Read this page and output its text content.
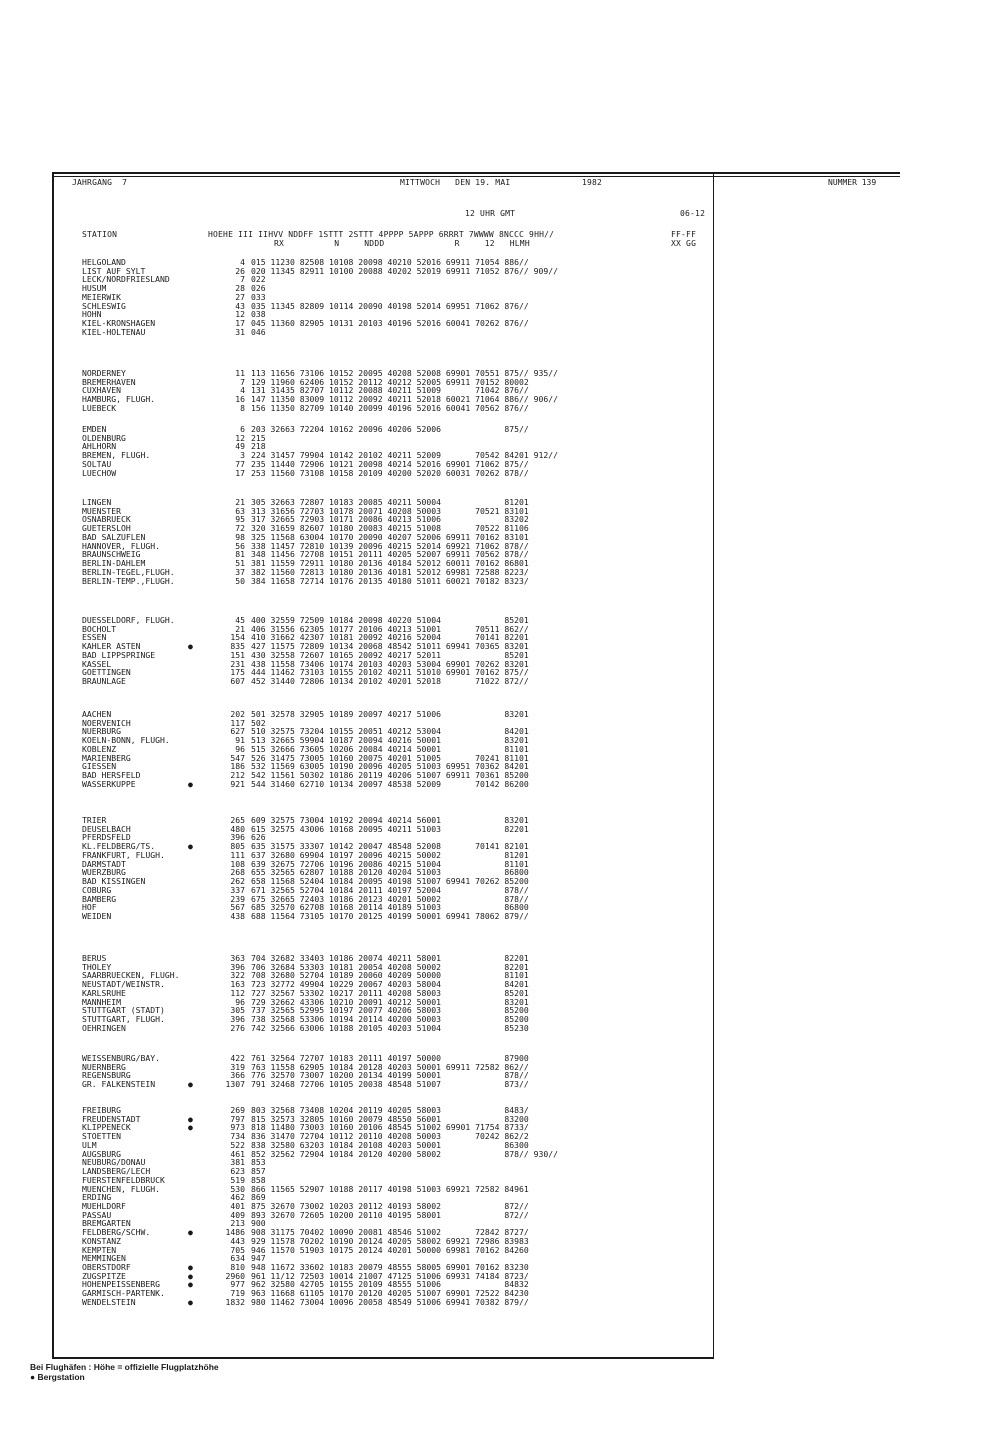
JAHRGANG  7	MITTWOCH   DEN 19. MAI	1982	NUMMER 139
12 UHR GMT	06-12
STATION	HOEHE III IIHVV NDDFF 1STTT 2STTT 4PPPP 5APPP 6RRRT 7WWWW 8NCCC 9HH//
RX          N     NDDD              R     12   HLMH
FF-FF
XX GG
HELGOLAND	4 015 11230 82508 10108 20098 40210 52016 69911 71054 886//
LIST AUF SYLT	26 020 11345 82911 10100 20088 40202 52019 69911 71052 876// 909//
LECK/NORDFRIESLAND	7 022
HUSUM	28 026
MEIERWIK	27 033
SCHLESWIG	43 035 11345 82809 10114 20090 40198 52014 69951 71062 876//
HOHN	12 038
KIEL-KRONSHAGEN	17 045 11360 82905 10131 20103 40196 52016 60041 70262 876//
KIEL-HOLTENAU	31 046
NORDERNEY	11 113 11656 73106 10152 20095 40208 52008 69901 70551 875// 935//
BREMERHAVEN	7 129 11960 62406 10152 20112 40212 52005 69911 70152 80002
CUXHAVEN	4 131 31435 82707 10112 20088 40211 51009       71042 876//
HAMBURG, FLUGH.	16 147 11350 83009 10112 20092 40211 52018 60021 71064 886// 906//
LUEBECK	8 156 11350 82709 10140 20099 40196 52016 60041 70562 876//
EMDEN	6 203 32663 72204 10162 20096 40206 52006             875//
OLDENBURG	12 215
AHLHORN	49 218
BREMEN, FLUGH.	3 224 31457 79904 10142 20102 40211 52009       70542 84201 912//
SOLTAU	77 235 11440 72906 10121 20098 40214 52016 69901 71062 875//
LUECHOW	17 253 11560 73108 10158 20109 40200 52020 60031 70262 878//
LINGEN	21 305 32663 72807 10183 20085 40211 50004             81201
MUENSTER	63 313 31656 72703 10178 20071 40208 50003       70521 83101
OSNABRUECK	95 317 32665 72903 10171 20086 40213 51006             83202
GUETERSLOH	72 320 31659 82607 10180 20083 40215 51008       70522 81106
BAD SALZUFLEN	98 325 11568 63004 10170 20090 40207 52006 69911 70162 83101
HANNOVER, FLUGH.	56 338 11457 72810 10139 20096 40215 52014 69921 71062 878//
BRAUNSCHWEIG	81 348 11456 72708 10151 20111 40205 52007 69911 70562 878//
BERLIN-DAHLEM	51 381 11559 72911 10180 20136 40184 52012 60011 70162 86801
BERLIN-TEGEL,FLUGH.	37 382 11560 72813 10180 20136 40181 52012 69981 72588 8223/
BERLIN-TEMP.,FLUGH.	50 384 11658 72714 10176 20135 40180 51011 60021 70182 8323/
DUESSELDORF, FLUGH.	45 400 32559 72509 10184 20098 40220 51004             85201
BOCHOLT	21 406 31556 62305 10177 20106 40213 51001       70511 862//
ESSEN	154 410 31662 42307 10181 20092 40216 52004       70141 82201
KAHLER ASTEN	●	835 427 11575 72809 10134 20068 48542 51011 69941 70365 83201
BAD LIPPSPRINGE	151 430 32558 72607 10165 20092 40217 52011             85201
KASSEL	231 438 11558 73406 10174 20103 40203 53004 69901 70262 83201
GOETTINGEN	175 444 11462 73103 10155 20102 40211 51010 69901 70162 875//
BRAUNLAGE	607 452 31440 72806 10134 20102 40201 52018       71022 872//
AACHEN	202 501 32578 32905 10189 20097 40217 51006             83201
NOERVENICH	117 502
NUERBURG	627 510 32575 73204 10155 20051 40212 53004             84201
KOELN-BONN, FLUGH.	91 513 32665 59904 10187 20094 40216 50001             83201
KOBLENZ	96 515 32666 73605 10206 20084 40214 50001             81101
MARIENBERG	547 526 31475 73005 10160 20075 40201 51005       70241 81101
GIESSEN	186 532 11569 63005 10190 20096 40205 51003 69951 70362 84201
BAD HERSFELD	212 542 11561 50302 10186 20119 40206 51007 69911 70361 85200
WASSERKUPPE	●	921 544 31460 62710 10134 20097 48538 52009       70142 86200
TRIER	265 609 32575 73004 10192 20094 40214 56001             83201
DEUSELBACH	480 615 32575 43006 10168 20095 40211 51003             82201
PFERDSFELD	396 626
KL.FELDBERG/TS.	●	805 635 31575 33307 10142 20047 48548 52008       70141 82101
FRANKFURT, FLUGH.	111 637 32680 69904 10197 20096 40215 50002             81201
DARMSTADT	108 639 32675 72706 10196 20086 40215 51004             81101
WUERZBURG	268 655 32565 62807 10188 20120 40204 51003             86800
BAD KISSINGEN	262 658 11568 52404 10184 20095 40198 51007 69941 70262 85200
COBURG	337 671 32565 52704 10184 20111 40197 52004             878//
BAMBERG	239 675 32665 72403 10186 20123 40201 50002             878//
HOF	567 685 32570 62708 10168 20114 40189 51003             86800
WEIDEN	438 688 11564 73105 10170 20125 40199 50001 69941 78062 879//
BERUS	363 704 32682 33403 10186 20074 40211 58001             82201
THOLEY	396 706 32684 53303 10181 20054 40208 50002             82201
SAARBRUECKEN, FLUGH.	322 708 32680 52704 10189 20060 40209 50000             81101
NEUSTADT/WEINSTR.	163 723 32772 49904 10229 20067 40203 58004             84201
KARLSRUHE	112 727 32567 53302 10217 20111 40208 58003             85201
MANNHEIM	96 729 32662 43306 10210 20091 40212 50001             83201
STUTTGART (STADT)	305 737 32565 52995 10197 20077 40206 58003             85200
STUTTGART, FLUGH.	396 738 32568 53306 10194 20114 40200 50003             85200
OEHRINGEN	276 742 32566 63006 10188 20105 40203 51004             85230
WEISSENBURG/BAY.	422 761 32564 72707 10183 20111 40197 50000             87900
NUERNBERG	319 763 11558 62905 10184 20128 40203 50001 69911 72582 862//
REGENSBURG	366 776 32570 73007 10200 20134 40199 50001             878//
GR. FALKENSTEIN	●	1307 791 32468 72706 10105 20038 48548 51007             873//
FREIBURG	269 803 32568 73408 10204 20119 40205 58003             8483/
FREUDENSTADT	●	797 815 32573 32805 10160 20079 48550 56001             83200
KLIPPENECK	●	973 818 11480 73003 10160 20106 48545 51002 69901 71754 8733/
STOETTEN	734 836 31470 72704 10112 20110 40208 50003       70242 862/2
ULM	522 838 32580 63203 10184 20108 40203 50001             86300
AUGSBURG	461 852 32562 72904 10184 20120 40200 58002             878// 930//
NEUBURG/DONAU	381 853
LANDSBERG/LECH	623 857
FUERSTENFELDBRUCK	519 858
MUENCHEN, FLUGH.	530 866 11565 52907 10188 20117 40198 51003 69921 72582 84961
ERDING	462 869
MUEHLDORF	401 875 32670 73002 10203 20112 40193 58002             872//
PASSAU	409 893 32670 72605 10200 20110 40195 58001             872//
BREMGARTEN	213 900
FELDBERG/SCHW.	●	1486 908 31175 70402 10090 20081 48546 51002       72842 8727/
KONSTANZ	443 929 11578 70202 10190 20124 40205 58002 69921 72986 83983
KEMPTEN	705 946 11570 51903 10175 20124 40201 50000 69981 70162 84260
MEMMINGEN	634 947
OBERSTDORF	●	810 948 11672 33602 10183 20079 48555 58005 69901 70162 83230
ZUGSPITZE	●	2960 961 11/12 72503 10014 21007 47125 51006 69931 74184 8723/
HOHENPEISSENBERG	●	977 962 32580 42705 10155 20109 48555 51006             84832
GARMISCH-PARTENK.	719 963 11668 61105 10170 20120 40205 51007 69901 72522 84230
WENDELSTEIN	●	1832 980 11462 73004 10096 20058 48549 51006 69941 70382 879//
Bei Flughäfen : Höhe = offizielle Flugplatzhöhe
● Bergstation
